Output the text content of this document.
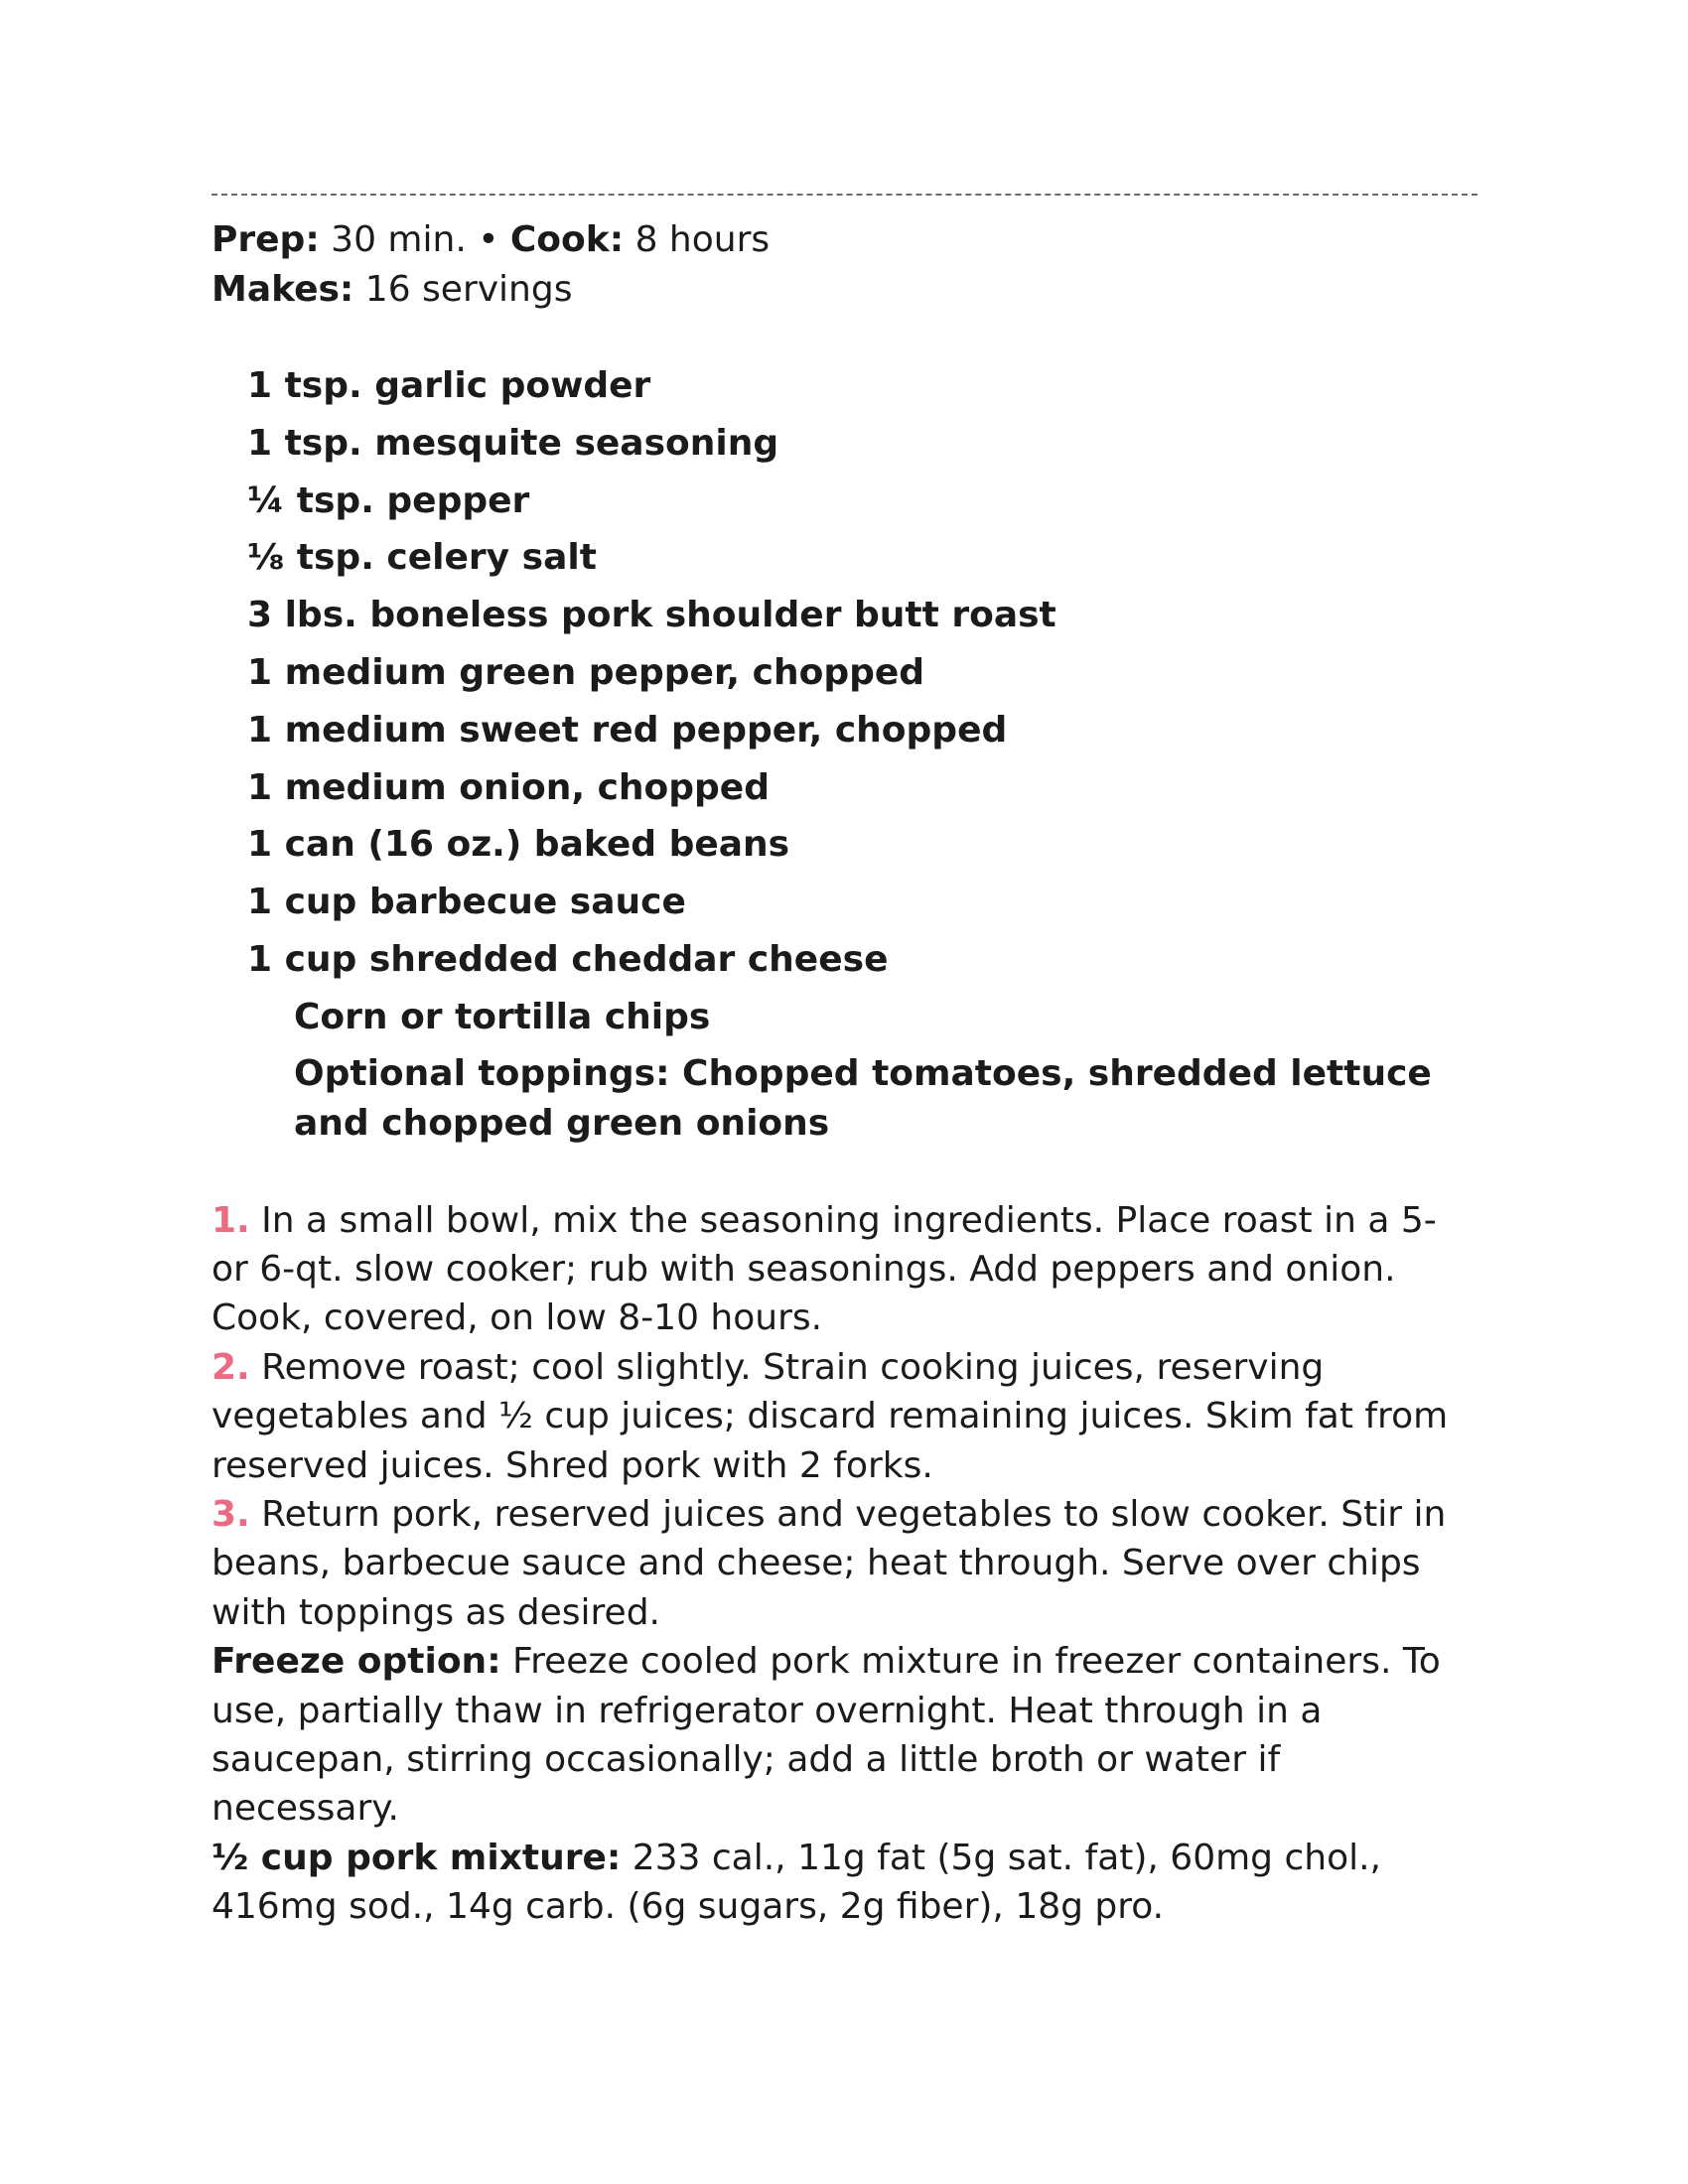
Prep: 30 min. • Cook: 8 hours

Makes: 16 servings

1 tsp. garlic powder
1 tsp. mesquite seasoning
¼ tsp. pepper
⅛ tsp. celery salt
3 lbs. boneless pork shoulder butt roast
1 medium green pepper, chopped
1 medium sweet red pepper, chopped
1 medium onion, chopped
1 can (16 oz.) baked beans
1 cup barbecue sauce
1 cup shredded cheddar cheese
Corn or tortilla chips
Optional toppings: Chopped tomatoes, shredded lettuce and chopped green onions

1. In a small bowl, mix the seasoning ingredients. Place roast in a 5- or 6-qt. slow cooker; rub with seasonings. Add peppers and onion. Cook, covered, on low 8-10 hours.

2. Remove roast; cool slightly. Strain cooking juices, reserving vegetables and ½ cup juices; discard remaining juices. Skim fat from reserved juices. Shred pork with 2 forks.

3. Return pork, reserved juices and vegetables to slow cooker. Stir in beans, barbecue sauce and cheese; heat through. Serve over chips with toppings as desired.

Freeze option: Freeze cooled pork mixture in freezer containers. To use, partially thaw in refrigerator overnight. Heat through in a saucepan, stirring occasionally; add a little broth or water if necessary.

½ cup pork mixture: 233 cal., 11g fat (5g sat. fat), 60mg chol., 416mg sod., 14g carb. (6g sugars, 2g fiber), 18g pro.
